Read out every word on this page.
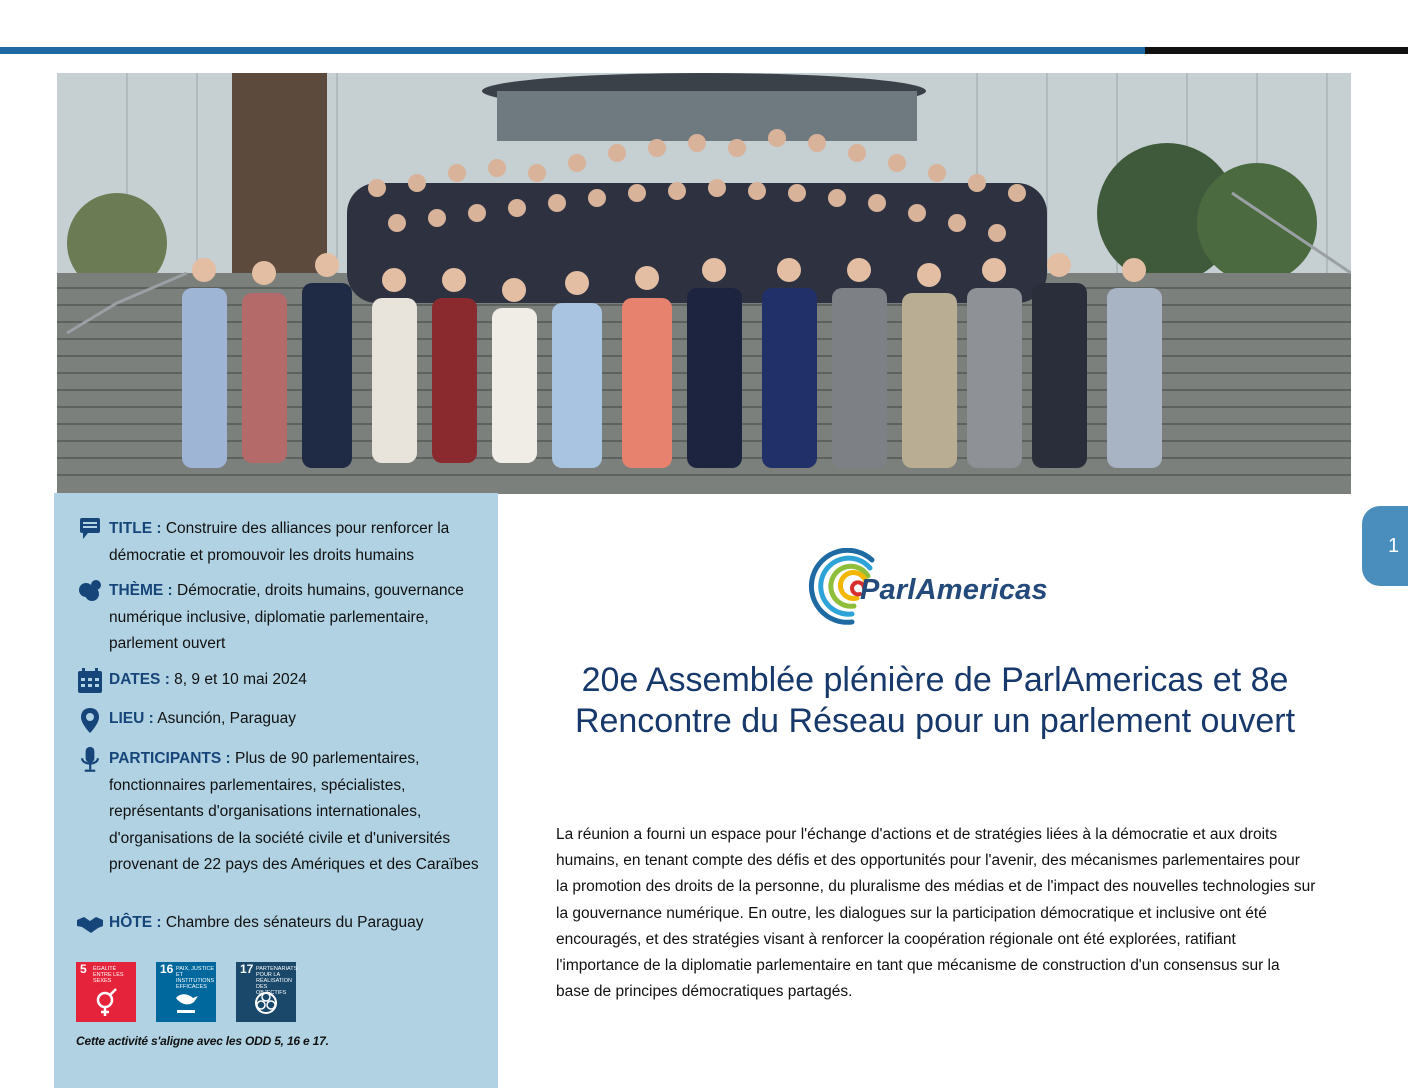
TITLE : Construire des alliances pour renforcer la démocratie et promouvoir les droits humains
THÈME : Démocratie, droits humains, gouvernance numérique inclusive, diplomatie parlementaire, parlement ouvert
DATES : 8, 9 et 10 mai 2024
LIEU : Asunción, Paraguay
PARTICIPANTS : Plus de 90 parlementaires, fonctionnaires parlementaires, spécialistes, représentants d'organisations internationales, d'organisations de la société civile et d'universités provenant de 22 pays des Amériques et des Caraïbes
HÔTE : Chambre des sénateurs du Paraguay
5 ÉGALITÉ ENTRE LES SEXES
16 PAIX, JUSTICE ET INSTITUTIONS EFFICACES
17 PARTENARIATS POUR LA RÉALISATION DES OBJECTIFS
Cette activité s'aligne avec les ODD 5, 16 e 17.
1
ParlAmericas
20e Assemblée plénière de ParlAmericas et 8e Rencontre du Réseau pour un parlement ouvert
La réunion a fourni un espace pour l'échange d'actions et de stratégies liées à la démocratie et aux droits humains, en tenant compte des défis et des opportunités pour l'avenir, des mécanismes parlementaires pour la promotion des droits de la personne, du pluralisme des médias et de l'impact des nouvelles technologies sur la gouvernance numérique. En outre, les dialogues sur la participation démocratique et inclusive ont été encouragés, et des stratégies visant à renforcer la coopération régionale ont été explorées, ratifiant l'importance de la diplomatie parlementaire en tant que mécanisme de construction d'un consensus sur la base de principes démocratiques partagés.
